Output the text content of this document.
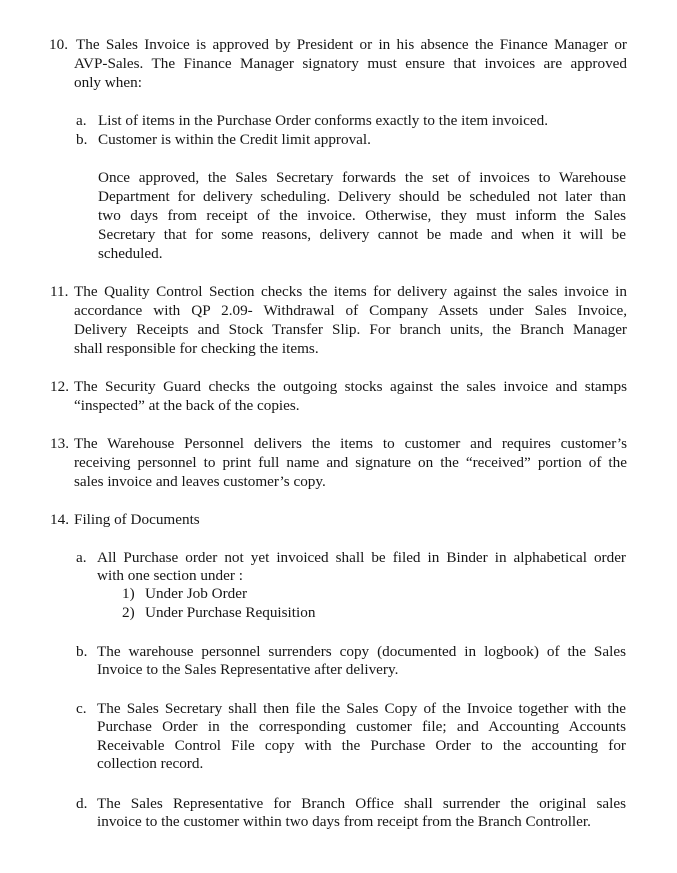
10. The Sales Invoice is approved by President or in his absence the Finance Manager or
AVP-Sales. The Finance Manager signatory must ensure that invoices are approved
only when:
a. List of items in the Purchase Order conforms exactly to the item invoiced.
b. Customer is within the Credit limit approval.
Once approved, the Sales Secretary forwards the set of invoices to Warehouse
Department for delivery scheduling. Delivery should be scheduled not later than
two days from receipt of the invoice. Otherwise, they must inform the Sales
Secretary that for some reasons, delivery cannot be made and when it will be
scheduled.
11. The Quality Control Section checks the items for delivery against the sales invoice in
accordance with QP 2.09- Withdrawal of Company Assets under Sales Invoice,
Delivery Receipts and Stock Transfer Slip. For branch units, the Branch Manager
shall responsible for checking the items.
12. The Security Guard checks the outgoing stocks against the sales invoice and stamps
“inspected” at the back of the copies.
13. The Warehouse Personnel delivers the items to customer and requires customer’s
receiving personnel to print full name and signature on the “received” portion of the
sales invoice and leaves customer’s copy.
14. Filing of Documents
a. All Purchase order not yet invoiced shall be filed in Binder in alphabetical order
with one section under :
1) Under Job Order
2) Under Purchase Requisition
b. The warehouse personnel surrenders copy (documented in logbook) of the Sales
Invoice to the Sales Representative after delivery.
c. The Sales Secretary shall then file the Sales Copy of the Invoice together with the
Purchase Order in the corresponding customer file; and Accounting Accounts
Receivable Control File copy with the Purchase Order to the accounting for
collection record.
d. The Sales Representative for Branch Office shall surrender the original sales
invoice to the customer within two days from receipt from the Branch Controller.
